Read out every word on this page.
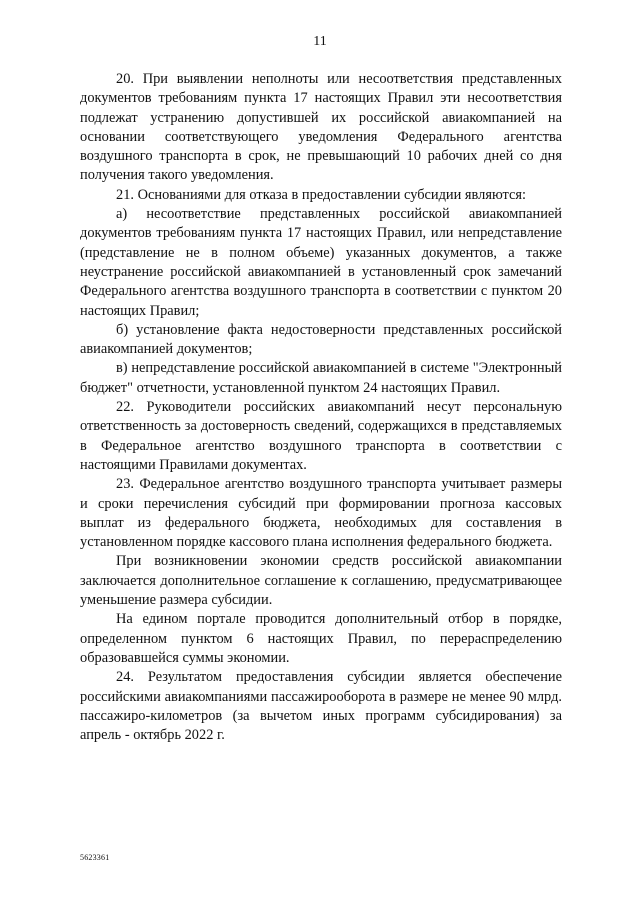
11

20. При выявлении неполноты или несоответствия представленных документов требованиям пункта 17 настоящих Правил эти несоответствия подлежат устранению допустившей их российской авиакомпанией на основании соответствующего уведомления Федерального агентства воздушного транспорта в срок, не превышающий 10 рабочих дней со дня получения такого уведомления.

21. Основаниями для отказа в предоставлении субсидии являются:

а) несоответствие представленных российской авиакомпанией документов требованиям пункта 17 настоящих Правил, или непредставление (представление не в полном объеме) указанных документов, а также неустранение российской авиакомпанией в установленный срок замечаний Федерального агентства воздушного транспорта в соответствии с пунктом 20 настоящих Правил;

б) установление факта недостоверности представленных российской авиакомпанией документов;

в) непредставление российской авиакомпанией в системе "Электронный бюджет" отчетности, установленной пунктом 24 настоящих Правил.

22. Руководители российских авиакомпаний несут персональную ответственность за достоверность сведений, содержащихся в представляемых в Федеральное агентство воздушного транспорта в соответствии с настоящими Правилами документах.

23. Федеральное агентство воздушного транспорта учитывает размеры и сроки перечисления субсидий при формировании прогноза кассовых выплат из федерального бюджета, необходимых для составления в установленном порядке кассового плана исполнения федерального бюджета.

При возникновении экономии средств российской авиакомпании заключается дополнительное соглашение к соглашению, предусматривающее уменьшение размера субсидии.

На едином портале проводится дополнительный отбор в порядке, определенном пунктом 6 настоящих Правил, по перераспределению образовавшейся суммы экономии.

24. Результатом предоставления субсидии является обеспечение российскими авиакомпаниями пассажирооборота в размере не менее 90 млрд. пассажиро-километров (за вычетом иных программ субсидирования) за апрель - октябрь 2022 г.

5623361
